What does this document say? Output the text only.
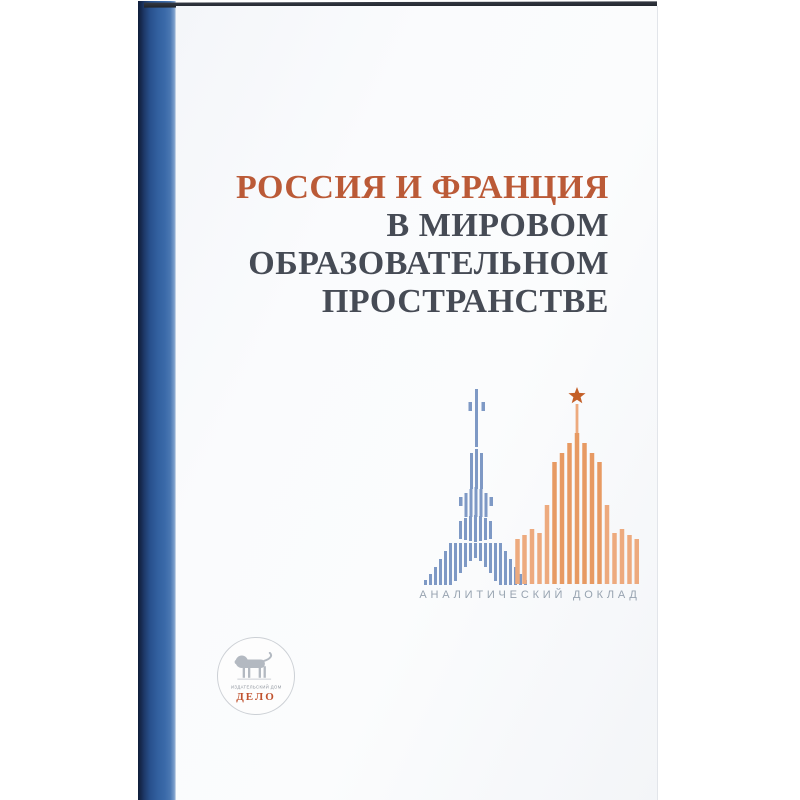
РОССИЯ И ФРАНЦИЯ
В МИРОВОМ
ОБРАЗОВАТЕЛЬНОМ
ПРОСТРАНСТВЕ
АНАЛИТИЧЕСКИЙ ДОКЛАД
ИЗДАТЕЛЬСКИЙ ДОМ
ДЕЛО
